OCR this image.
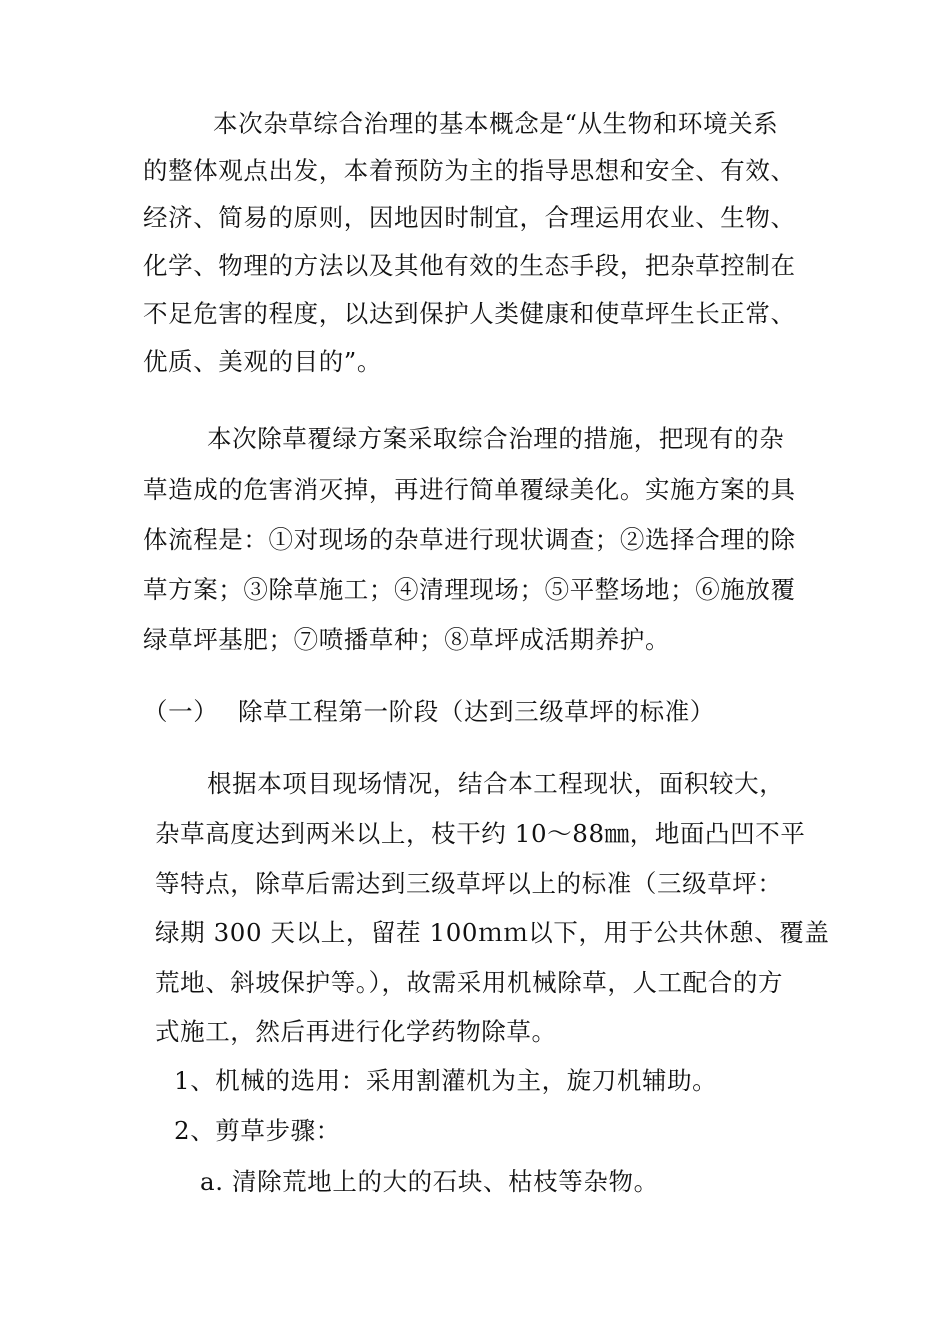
本次杂草综合治理的基本概念是“从生物和环境关系
的整体观点出发，本着预防为主的指导思想和安全、有效、
经济、简易的原则，因地因时制宜，合理运用农业、生物、
化学、物理的方法以及其他有效的生态手段，把杂草控制在
不足危害的程度，以达到保护人类健康和使草坪生长正常、
优质、美观的目的”。
本次除草覆绿方案采取综合治理的措施，把现有的杂
草造成的危害消灭掉，再进行简单覆绿美化。实施方案的具
体流程是：①对现场的杂草进行现状调查；②选择合理的除
草方案；③除草施工；④清理现场；⑤平整场地；⑥施放覆
绿草坪基肥；⑦喷播草种；⑧草坪成活期养护。
（一） 除草工程第一阶段（达到三级草坪的标准）
根据本项目现场情况，结合本工程现状，面积较大，
杂草高度达到两米以上，枝干约 10～88㎜，地面凸凹不平
等特点，除草后需达到三级草坪以上的标准（三级草坪：
绿期 300 天以上，留茬 100ｍｍ以下，用于公共休憩、覆盖
荒地、斜坡保护等。），故需采用机械除草，人工配合的方
式施工，然后再进行化学药物除草。
1、机械的选用：采用割灌机为主，旋刀机辅助。
2、剪草步骤：
a. 清除荒地上的大的石块、枯枝等杂物。
